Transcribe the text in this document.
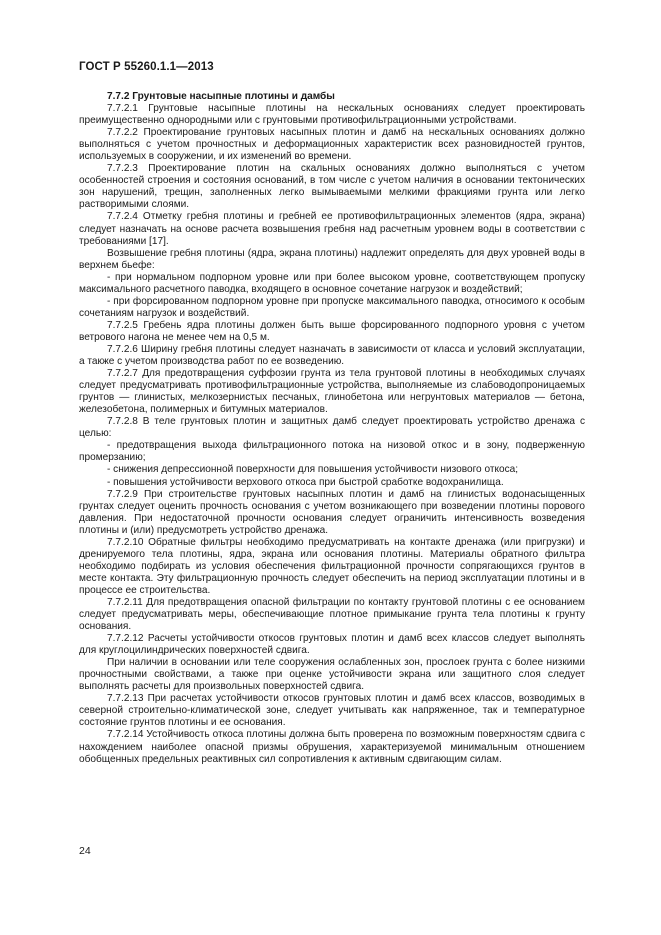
ГОСТ Р 55260.1.1—2013

7.7.2 Грунтовые насыпные плотины и дамбы

7.7.2.1 Грунтовые насыпные плотины на нескальных основаниях следует проектировать преимущественно однородными или с грунтовыми противофильтрационными устройствами.

7.7.2.2 Проектирование грунтовых насыпных плотин и дамб на нескальных основаниях должно выполняться с учетом прочностных и деформационных характеристик всех разновидностей грунтов, используемых в сооружении, и их изменений во времени.

7.7.2.3 Проектирование плотин на скальных основаниях должно выполняться с учетом особенностей строения и состояния оснований, в том числе с учетом наличия в основании тектонических зон нарушений, трещин, заполненных легко вымываемыми мелкими фракциями грунта или легко растворимыми слоями.

7.7.2.4 Отметку гребня плотины и гребней ее противофильтрационных элементов (ядра, экрана) следует назначать на основе расчета возвышения гребня над расчетным уровнем воды в соответствии с требованиями [17].

Возвышение гребня плотины (ядра, экрана плотины) надлежит определять для двух уровней воды в верхнем бьефе:

- при нормальном подпорном уровне или при более высоком уровне, соответствующем пропуску максимального расчетного паводка, входящего в основное сочетание нагрузок и воздействий;

- при форсированном подпорном уровне при пропуске максимального паводка, относимого к особым сочетаниям нагрузок и воздействий.

7.7.2.5 Гребень ядра плотины должен быть выше форсированного подпорного уровня с учетом ветрового нагона не менее чем на 0,5 м.

7.7.2.6 Ширину гребня плотины следует назначать в зависимости от класса и условий эксплуатации, а также с учетом производства работ по ее возведению.

7.7.2.7 Для предотвращения суффозии грунта из тела грунтовой плотины в необходимых случаях следует предусматривать противофильтрационные устройства, выполняемые из слабоводопроницаемых грунтов — глинистых, мелкозернистых песчаных, глинобетона или негрунтовых материалов — бетона, железобетона, полимерных и битумных материалов.

7.7.2.8 В теле грунтовых плотин и защитных дамб следует проектировать устройство дренажа с целью:

- предотвращения выхода фильтрационного потока на низовой откос и в зону, подверженную промерзанию;

- снижения депрессионной поверхности для повышения устойчивости низового откоса;

- повышения устойчивости верхового откоса при быстрой сработке водохранилища.

7.7.2.9 При строительстве грунтовых насыпных плотин и дамб на глинистых водонасыщенных грунтах следует оценить прочность основания с учетом возникающего при возведении плотины порового давления. При недостаточной прочности основания следует ограничить интенсивность возведения плотины и (или) предусмотреть устройство дренажа.

7.7.2.10 Обратные фильтры необходимо предусматривать на контакте дренажа (или пригрузки) и дренируемого тела плотины, ядра, экрана или основания плотины. Материалы обратного фильтра необходимо подбирать из условия обеспечения фильтрационной прочности сопрягающихся грунтов в месте контакта. Эту фильтрационную прочность следует обеспечить на период эксплуатации плотины и в процессе ее строительства.

7.7.2.11 Для предотвращения опасной фильтрации по контакту грунтовой плотины с ее основанием следует предусматривать меры, обеспечивающие плотное примыкание грунта тела плотины к грунту основания.

7.7.2.12 Расчеты устойчивости откосов грунтовых плотин и дамб всех классов следует выполнять для круглоцилиндрических поверхностей сдвига.

При наличии в основании или теле сооружения ослабленных зон, прослоек грунта с более низкими прочностными свойствами, а также при оценке устойчивости экрана или защитного слоя следует выполнять расчеты для произвольных поверхностей сдвига.

7.7.2.13 При расчетах устойчивости откосов грунтовых плотин и дамб всех классов, возводимых в северной строительно-климатической зоне, следует учитывать как напряженное, так и температурное состояние грунтов плотины и ее основания.

7.7.2.14 Устойчивость откоса плотины должна быть проверена по возможным поверхностям сдвига с нахождением наиболее опасной призмы обрушения, характеризуемой минимальным отношением обобщенных предельных реактивных сил сопротивления к активным сдвигающим силам.

24
